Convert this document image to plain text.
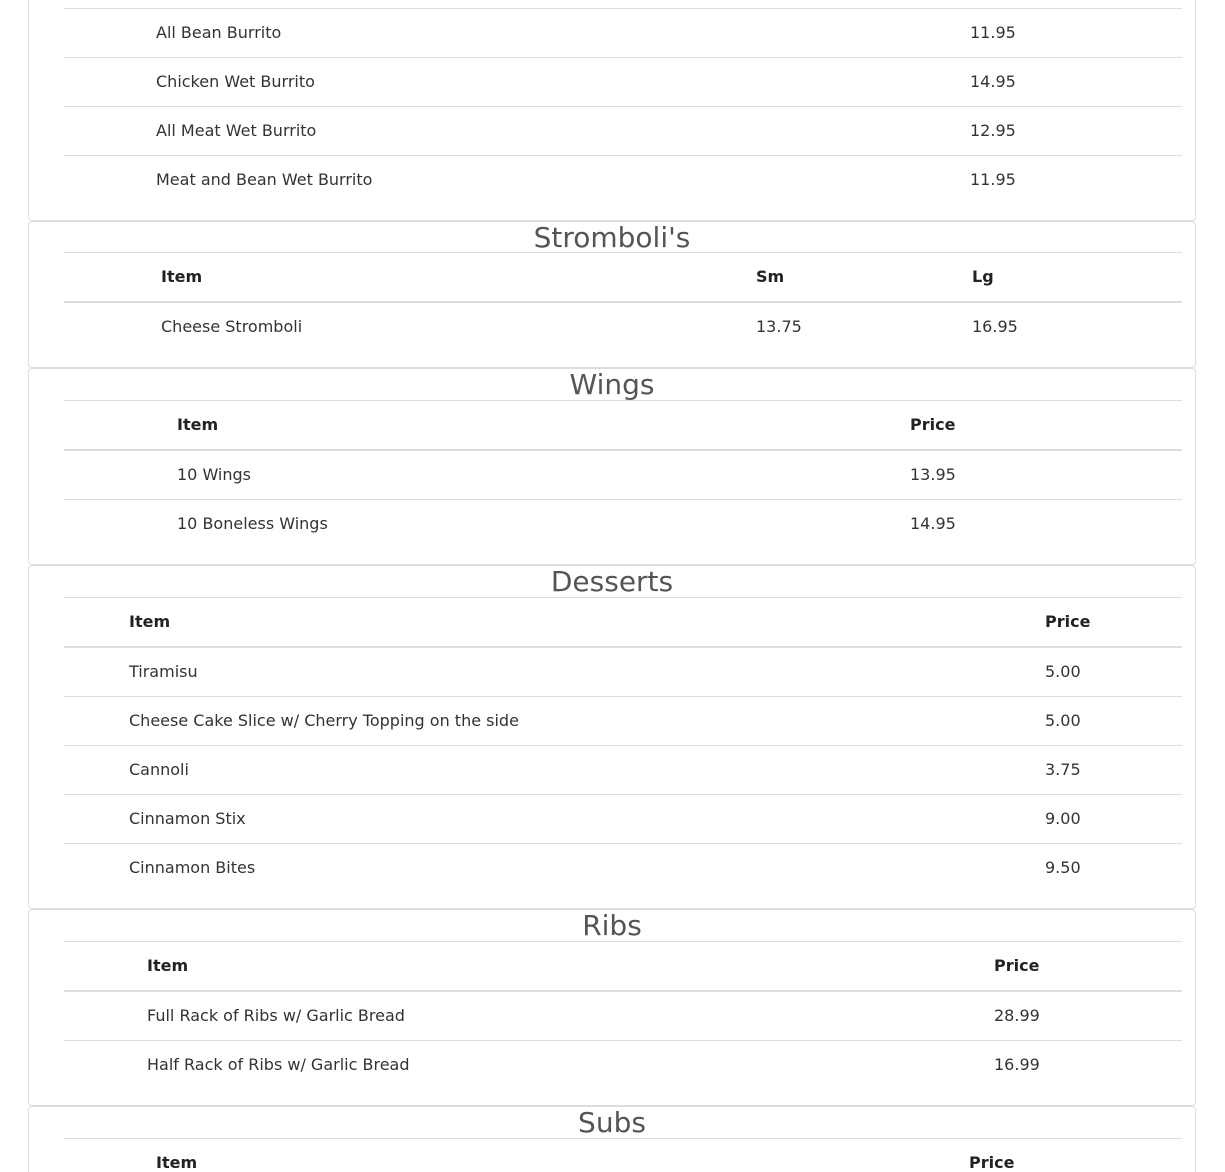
All Bean Burrito	11.95
Chicken Wet Burrito	14.95
All Meat Wet Burrito	12.95
Meat and Bean Wet Burrito	11.95
Stromboli's
Item	Sm	Lg
Cheese Stromboli	13.75	16.95
Wings
Item	Price
10 Wings	13.95
10 Boneless Wings	14.95
Desserts
Item	Price
Tiramisu	5.00
Cheese Cake Slice w/ Cherry Topping on the side	5.00
Cannoli	3.75
Cinnamon Stix	9.00
Cinnamon Bites	9.50
Ribs
Item	Price
Full Rack of Ribs w/ Garlic Bread	28.99
Half Rack of Ribs w/ Garlic Bread	16.99
Subs
Item	Price
